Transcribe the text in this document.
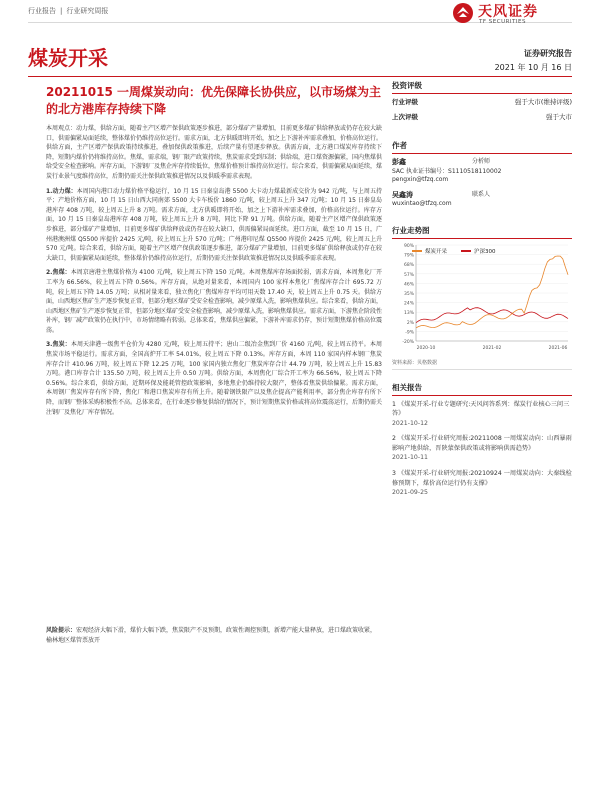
行业报告 | 行业研究周报	天风证券
TF SECURITIES
煤炭开采	证券研究报告
2021 年 10 月 16 日
20211015 一周煤炭动向：优先保障长协供应，以市场煤为主的北方港库存持续下降

本周观点：动力煤，供给方面，随着主产区增产保供政策逐步推进，部分煤矿产量增加，目前更多煤矿供给释放或仍存在较大缺口，供需偏紧局面延续，整体煤价仍维持高位运行。需求方面，北方供暖即将开始，加之上下游补库需求叠加，价格高位运行。供给方面，主产区增产保供政策持续推进，叠加保供政策推进，后续产量有望逐步释放。供需方面，北方港口煤炭库存持续下降，短期内煤价仍将维持高位。焦煤，需求端，钢厂限产政策持续，焦炭需求受到压制；供给端，进口煤资源偏紧，国内焦煤供给受安全检查影响。库存方面，下游钢厂及焦企库存持续低位，焦煤价格预计维持高位运行。综合来看，供需偏紧局面延续，煤炭行业景气度维持高位，后期仍需关注保供政策推进情况以及供暖季需求表现。

1.动力煤：本周国内港口动力煤价格平稳运行，10 月 15 日秦皇岛港 5500 大卡动力煤最新成交价为 942 元/吨，与上周五持平；产地价格方面，10 月 15 日山西大同南郊 5500 大卡车板价 1860 元/吨，较上周五上升 347 元/吨；10 月 15 日秦皇岛港库存 408 万吨，较上周五上升 8 万吨。需求方面，北方供暖即将开始，加之上下游补库需求叠加，价格高位运行。库存方面，10 月 15 日秦皇岛港库存 408 万吨，较上周五上升 8 万吨，同比下降 91 万吨。供给方面，随着主产区增产保供政策逐步推进，部分煤矿产量增加，目前更多煤矿供给释放或仍存在较大缺口，供需偏紧局面延续。进口方面，截至 10 月 15 日，广州港澳洲煤 Q5500 库提价 2425 元/吨，较上周五上升 570 元/吨；广州港印尼煤 Q5500 库提价 2425 元/吨，较上周五上升 570 元/吨。综合来看，供给方面，随着主产区增产保供政策逐步推进，部分煤矿产量增加，目前更多煤矿供给释放或仍存在较大缺口，供需偏紧局面延续，整体煤价仍维持高位运行，后期仍需关注保供政策推进情况以及供暖季需求表现。

2.焦煤：本周京唐港主焦煤价格为 4100 元/吨，较上周五下降 150 元/吨。本周焦煤库存场面转弱，需求方面，本周焦化厂开工率为 66.56%，较上周五下降 0.56%。库存方面，从绝对量来看，本周国内 100 家样本焦化厂焦煤库存合计 695.72 万吨，较上周五下降 14.05 万吨；从相对量来看，独立焦化厂焦煤库存平均可用天数 17.40 天，较上周五上升 0.75 天。供给方面，山西地区焦矿生产逐步恢复正常，但部分地区煤矿受安全检查影响，减少原煤入洗，影响焦煤供应。综合来看，供给方面，山西地区焦矿生产逐步恢复正常，但部分地区煤矿受安全检查影响，减少原煤入洗，影响焦煤供应。需求方面，下游焦企阶段性补库，钢厂减产政策仍在执行中，市场情绪略有转弱。总体来看，焦煤供应偏紧，下游补库需求仍存，预计短期焦煤价格高位震荡。

3.焦炭：本周天津港一级焦平仓价为 4280 元/吨，较上周五持平；唐山二级冶金焦到厂价 4160 元/吨，较上周五持平。本周焦炭市场平稳运行。需求方面，全国高炉开工率 54.01%，较上周五下降 0.13%。库存方面，本周 110 家国内样本钢厂焦炭库存合计 410.96 万吨，较上周五下降 12.25 万吨，100 家国内独立焦化厂焦炭库存合计 44.79 万吨，较上周五上升 15.83 万吨。港口库存合计 135.50 万吨，较上周五上升 0.50 万吨。供给方面，本周焦化厂综合开工率为 66.56%，较上周五下降 0.56%。综合来看，供给方面，近期环保及能耗管控政策影响，多地焦企仍维持较大限产，整体看焦炭供给偏紧。需求方面，本周钢厂焦炭库存有所下降，焦化厂和港口焦炭库存有所上升。随着钢铁限产以及焦企提高产能利用率，部分焦企库存有所下降，而钢厂整体采购积极性不高。总体来看，在行业逐步修复供给的情况下，预计短期焦炭价格或将高位震荡运行，后期仍需关注钢厂及焦化厂库存情况。

风险提示：宏观经济大幅下滑，煤价大幅下跌，焦炭限产不及预期，政策性调控预期，新增产能大量释放，进口煤政策收紧，榆林地区煤管票放开
投资评级
行业评级	强于大市(维持评级)
上次评级	强于大市
作者
彭鑫	分析师
SAC 执业证书编号：S1110518110002
pengxin@tfzq.com
吴鑫涛	联系人
wuxintao@tfzq.com
行业走势图
90%
79%
68%
57%
46%
35%
24%
13%
2%
-9%
-20%
2020-10	2021-02	2021-06
煤炭开采	沪深300
资料来源：贝格数据
相关报告
1 《煤炭开采-行业专题研究:天风问答系列：煤炭行业核心三问三答》
2021-10-12
2 《煤炭开采-行业研究周报:20211008 一周煤炭动向：山西暴雨影响产地供给，晋陕蒙保供政策或将影响供需趋势》
2021-10-11
3 《煤炭开采-行业研究周报:20210924 一周煤炭动向：大秦线检修预期下，煤价高位运行仍有支撑》
2021-09-25
